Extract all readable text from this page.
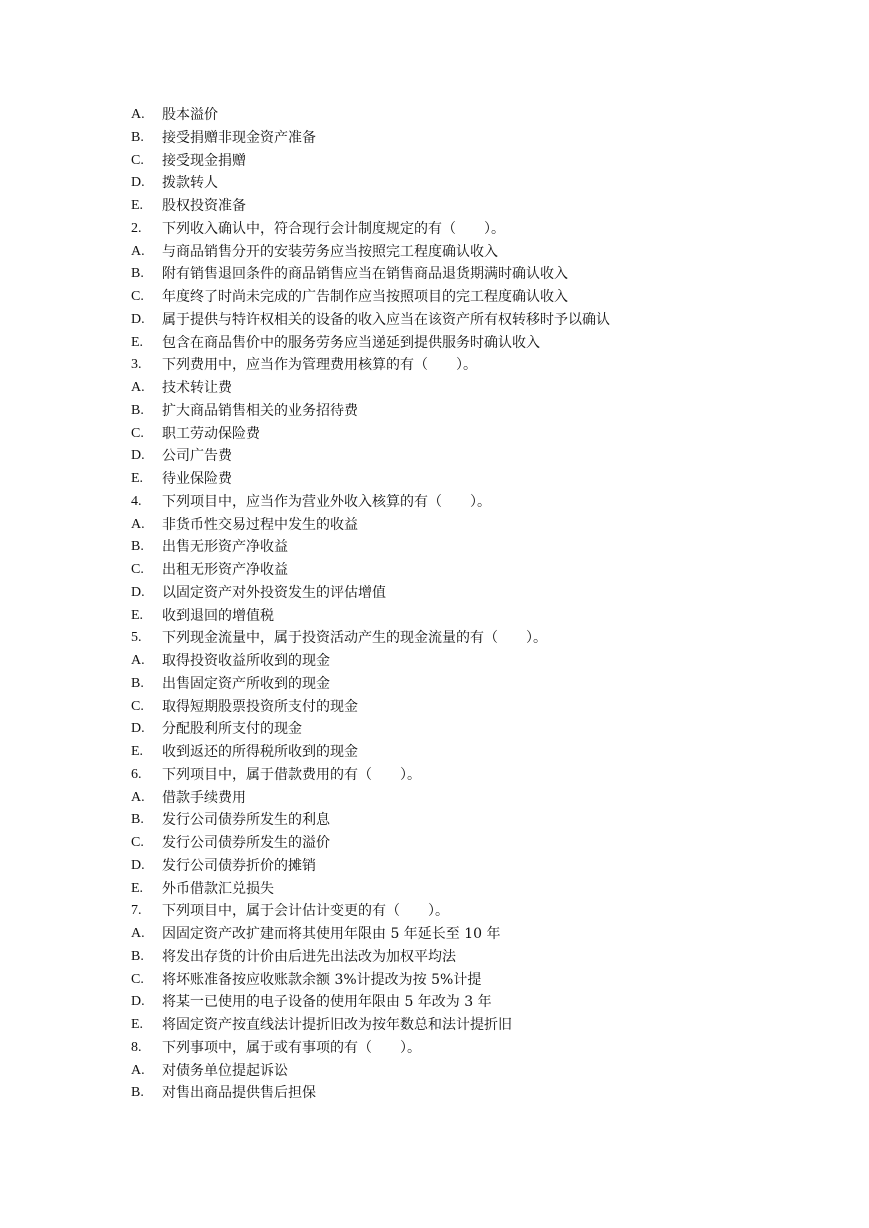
A.	股本溢价
B.	接受捐赠非现金资产准备
C.	接受现金捐赠
D.	拨款转人
E.	股权投资准备
2.	下列收入确认中，符合现行会计制度规定的有（　　）。
A.	与商品销售分开的安装劳务应当按照完工程度确认收入
B.	附有销售退回条件的商品销售应当在销售商品退货期满时确认收入
C.	年度终了时尚未完成的广告制作应当按照项目的完工程度确认收入
D.	属于提供与特许权相关的设备的收入应当在该资产所有权转移时予以确认
E.	包含在商品售价中的服务劳务应当递延到提供服务时确认收入
3.	下列费用中，应当作为管理费用核算的有（　　）。
A.	技术转让费
B.	扩大商品销售相关的业务招待费
C.	职工劳动保险费
D.	公司广告费
E.	待业保险费
4.	下列项目中，应当作为营业外收入核算的有（　　）。
A.	非货币性交易过程中发生的收益
B.	出售无形资产净收益
C.	出租无形资产净收益
D.	以固定资产对外投资发生的评估增值
E.	收到退回的增值税
5.	下列现金流量中，属于投资活动产生的现金流量的有（　　）。
A.	取得投资收益所收到的现金
B.	出售固定资产所收到的现金
C.	取得短期股票投资所支付的现金
D.	分配股利所支付的现金
E.	收到返还的所得税所收到的现金
6.	下列项目中，属于借款费用的有（　　）。
A.	借款手续费用
B.	发行公司债券所发生的利息
C.	发行公司债券所发生的溢价
D.	发行公司债券折价的摊销
E.	外币借款汇兑损失
7.	下列项目中，属于会计估计变更的有（　　）。
A.	因固定资产改扩建而将其使用年限由 5 年延长至 10 年
B.	将发出存货的计价由后进先出法改为加权平均法
C.	将坏账准备按应收账款余额 3%计提改为按 5%计提
D.	将某一已使用的电子设备的使用年限由 5 年改为 3 年
E.	将固定资产按直线法计提折旧改为按年数总和法计提折旧
8.	下列事项中，属于或有事项的有（　　）。
A.	对债务单位提起诉讼
B.	对售出商品提供售后担保
